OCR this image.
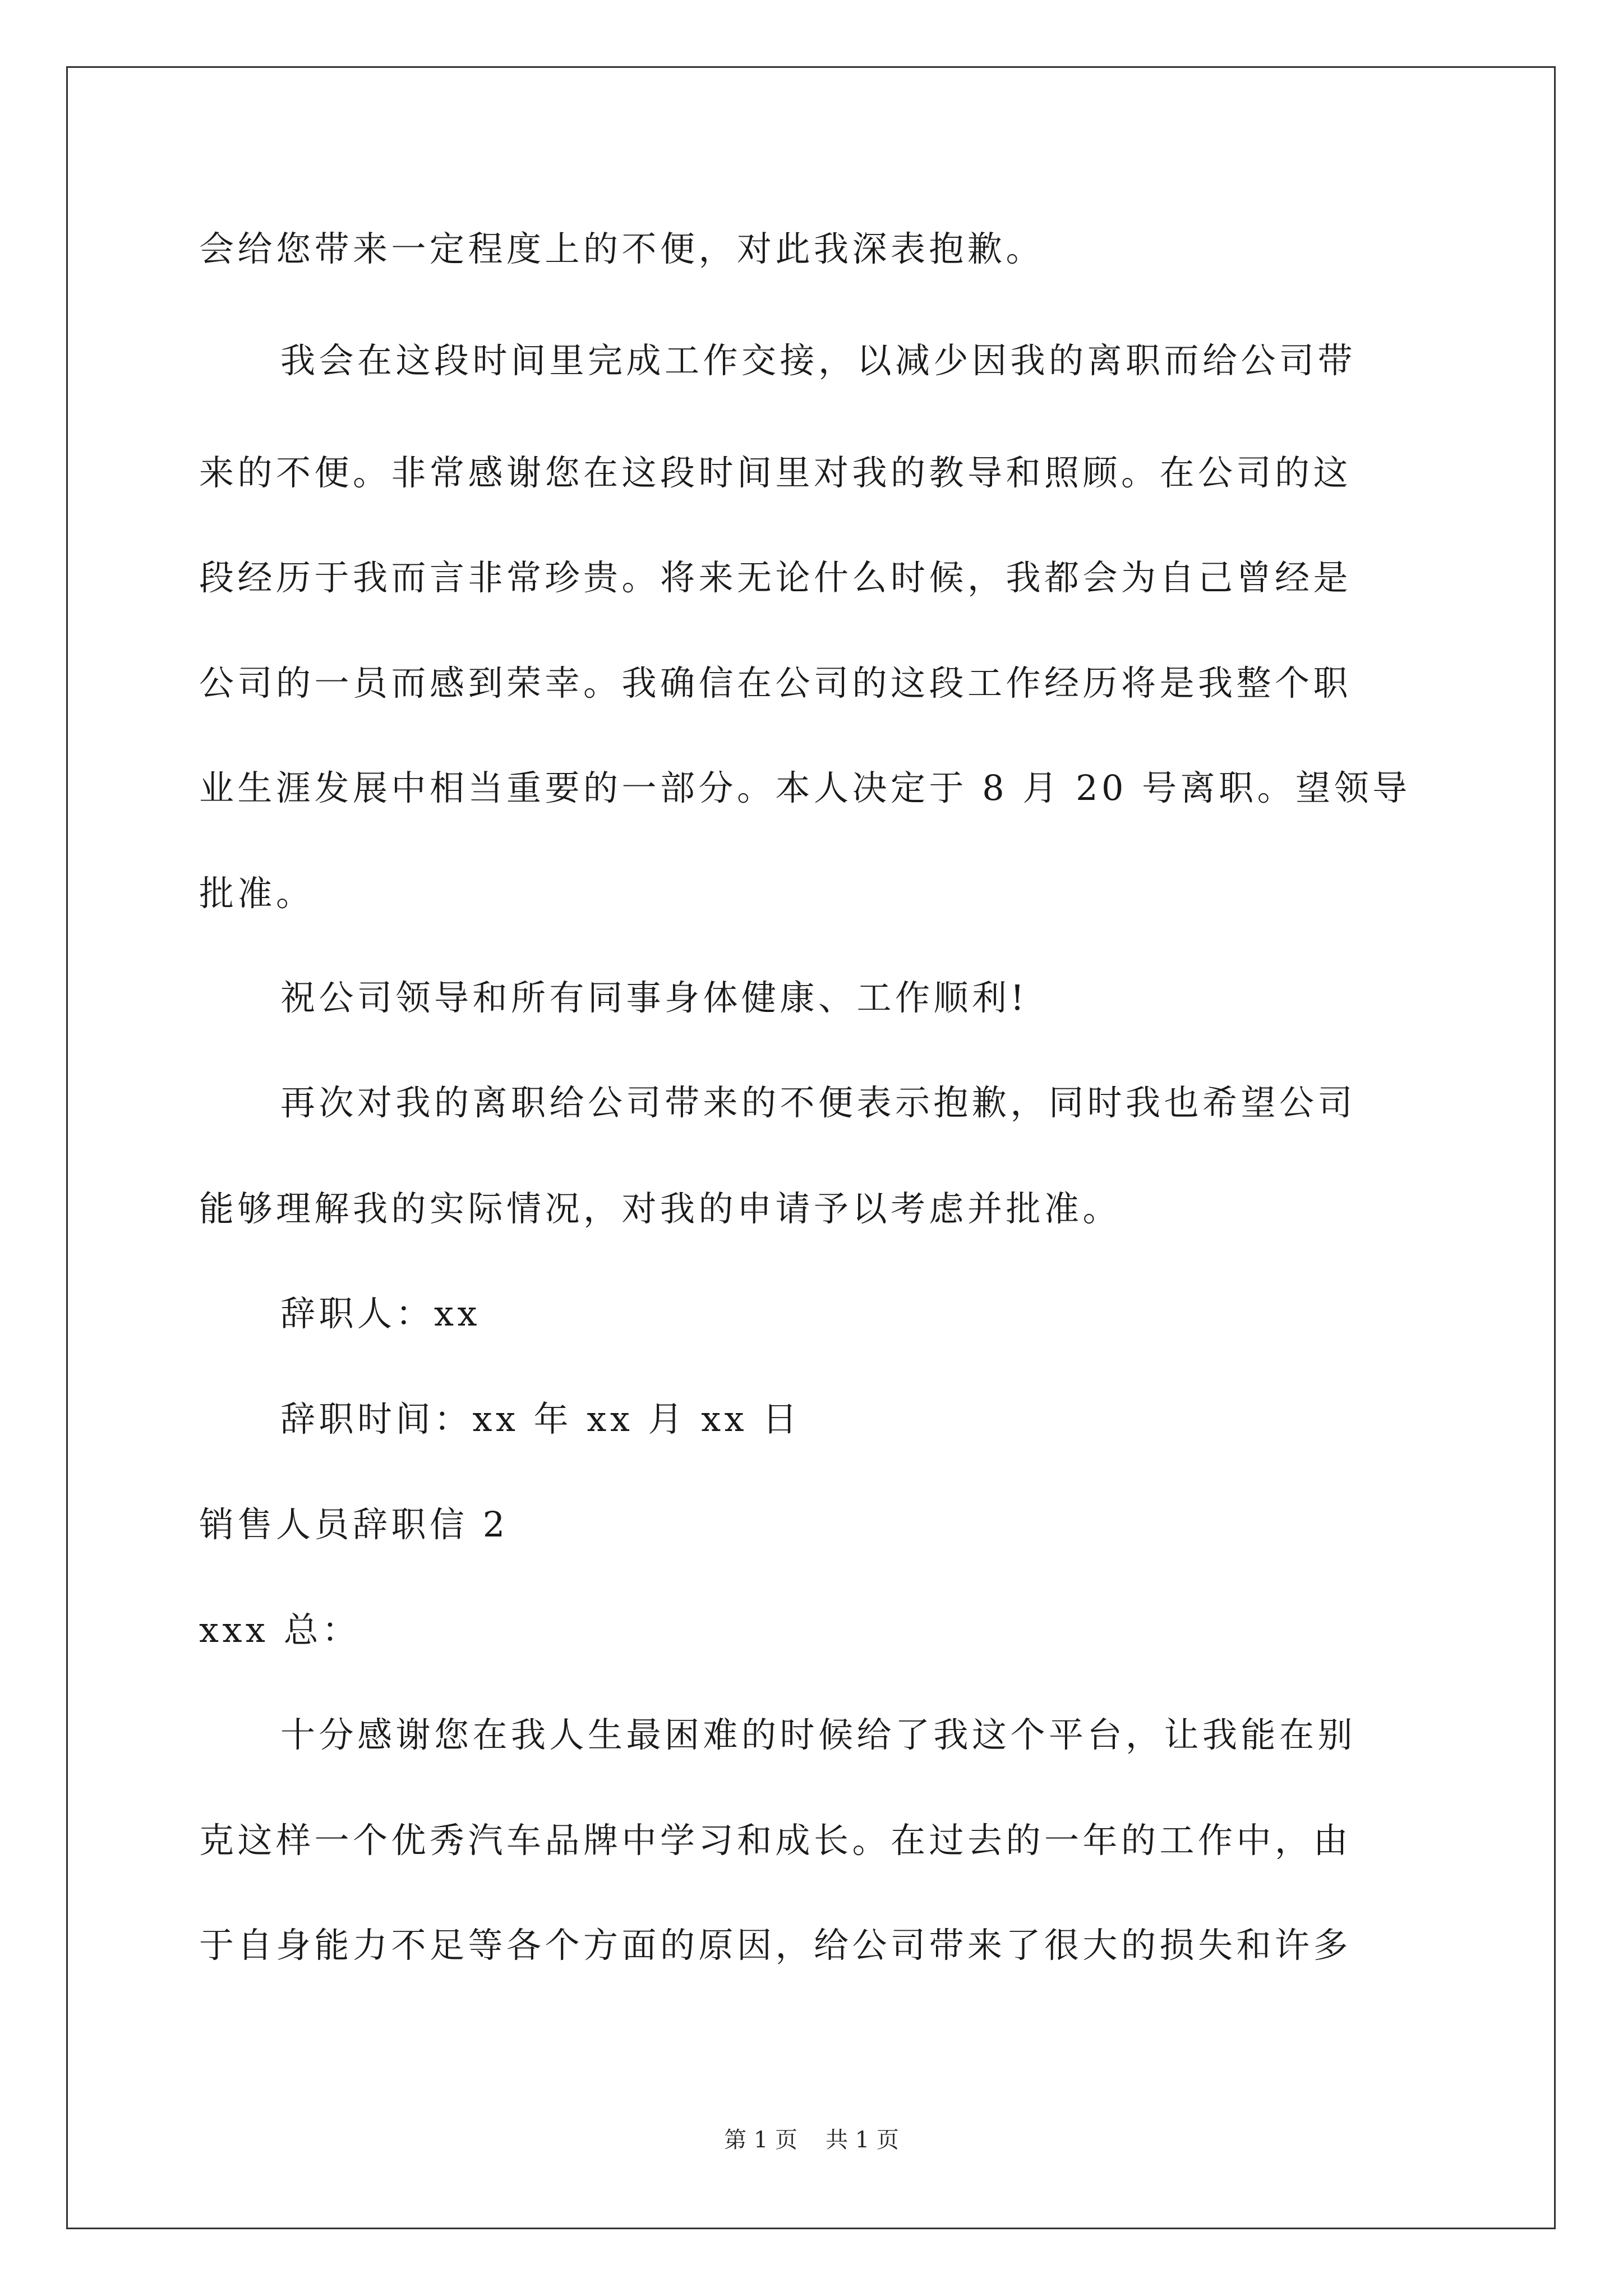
会给您带来一定程度上的不便，对此我深表抱歉。
我会在这段时间里完成工作交接，以减少因我的离职而给公司带
来的不便。非常感谢您在这段时间里对我的教导和照顾。在公司的这
段经历于我而言非常珍贵。将来无论什么时候，我都会为自己曾经是
公司的一员而感到荣幸。我确信在公司的这段工作经历将是我整个职
业生涯发展中相当重要的一部分。本人决定于 8 月 20 号离职。望领导
批准。
祝公司领导和所有同事身体健康、工作顺利!
再次对我的离职给公司带来的不便表示抱歉，同时我也希望公司
能够理解我的实际情况，对我的申请予以考虑并批准。
辞职人：xx
辞职时间：xx 年 xx 月 xx 日
销售人员辞职信 2
xxx 总：
十分感谢您在我人生最困难的时候给了我这个平台，让我能在别
克这样一个优秀汽车品牌中学习和成长。在过去的一年的工作中，由
于自身能力不足等各个方面的原因，给公司带来了很大的损失和许多
第 1 页 共 1 页
